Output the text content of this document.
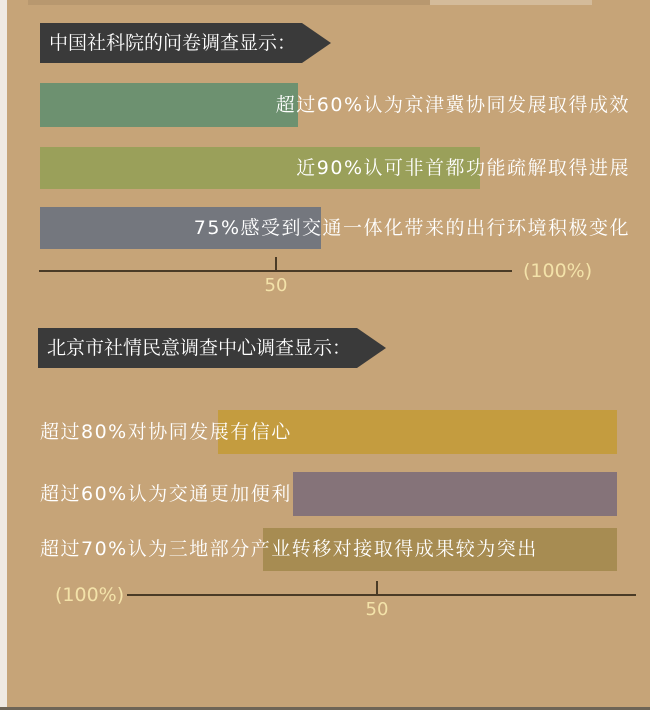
中国社科院的问卷调查显示：
超过60%认为京津冀协同发展取得成效
近90%认可非首都功能疏解取得进展
75%感受到交通一体化带来的出行环境积极变化
50
(100%)
北京市社情民意调查中心调查显示：
超过80%对协同发展有信心
超过60%认为交通更加便利
超过70%认为三地部分产业转移对接取得成果较为突出
50
(100%)
